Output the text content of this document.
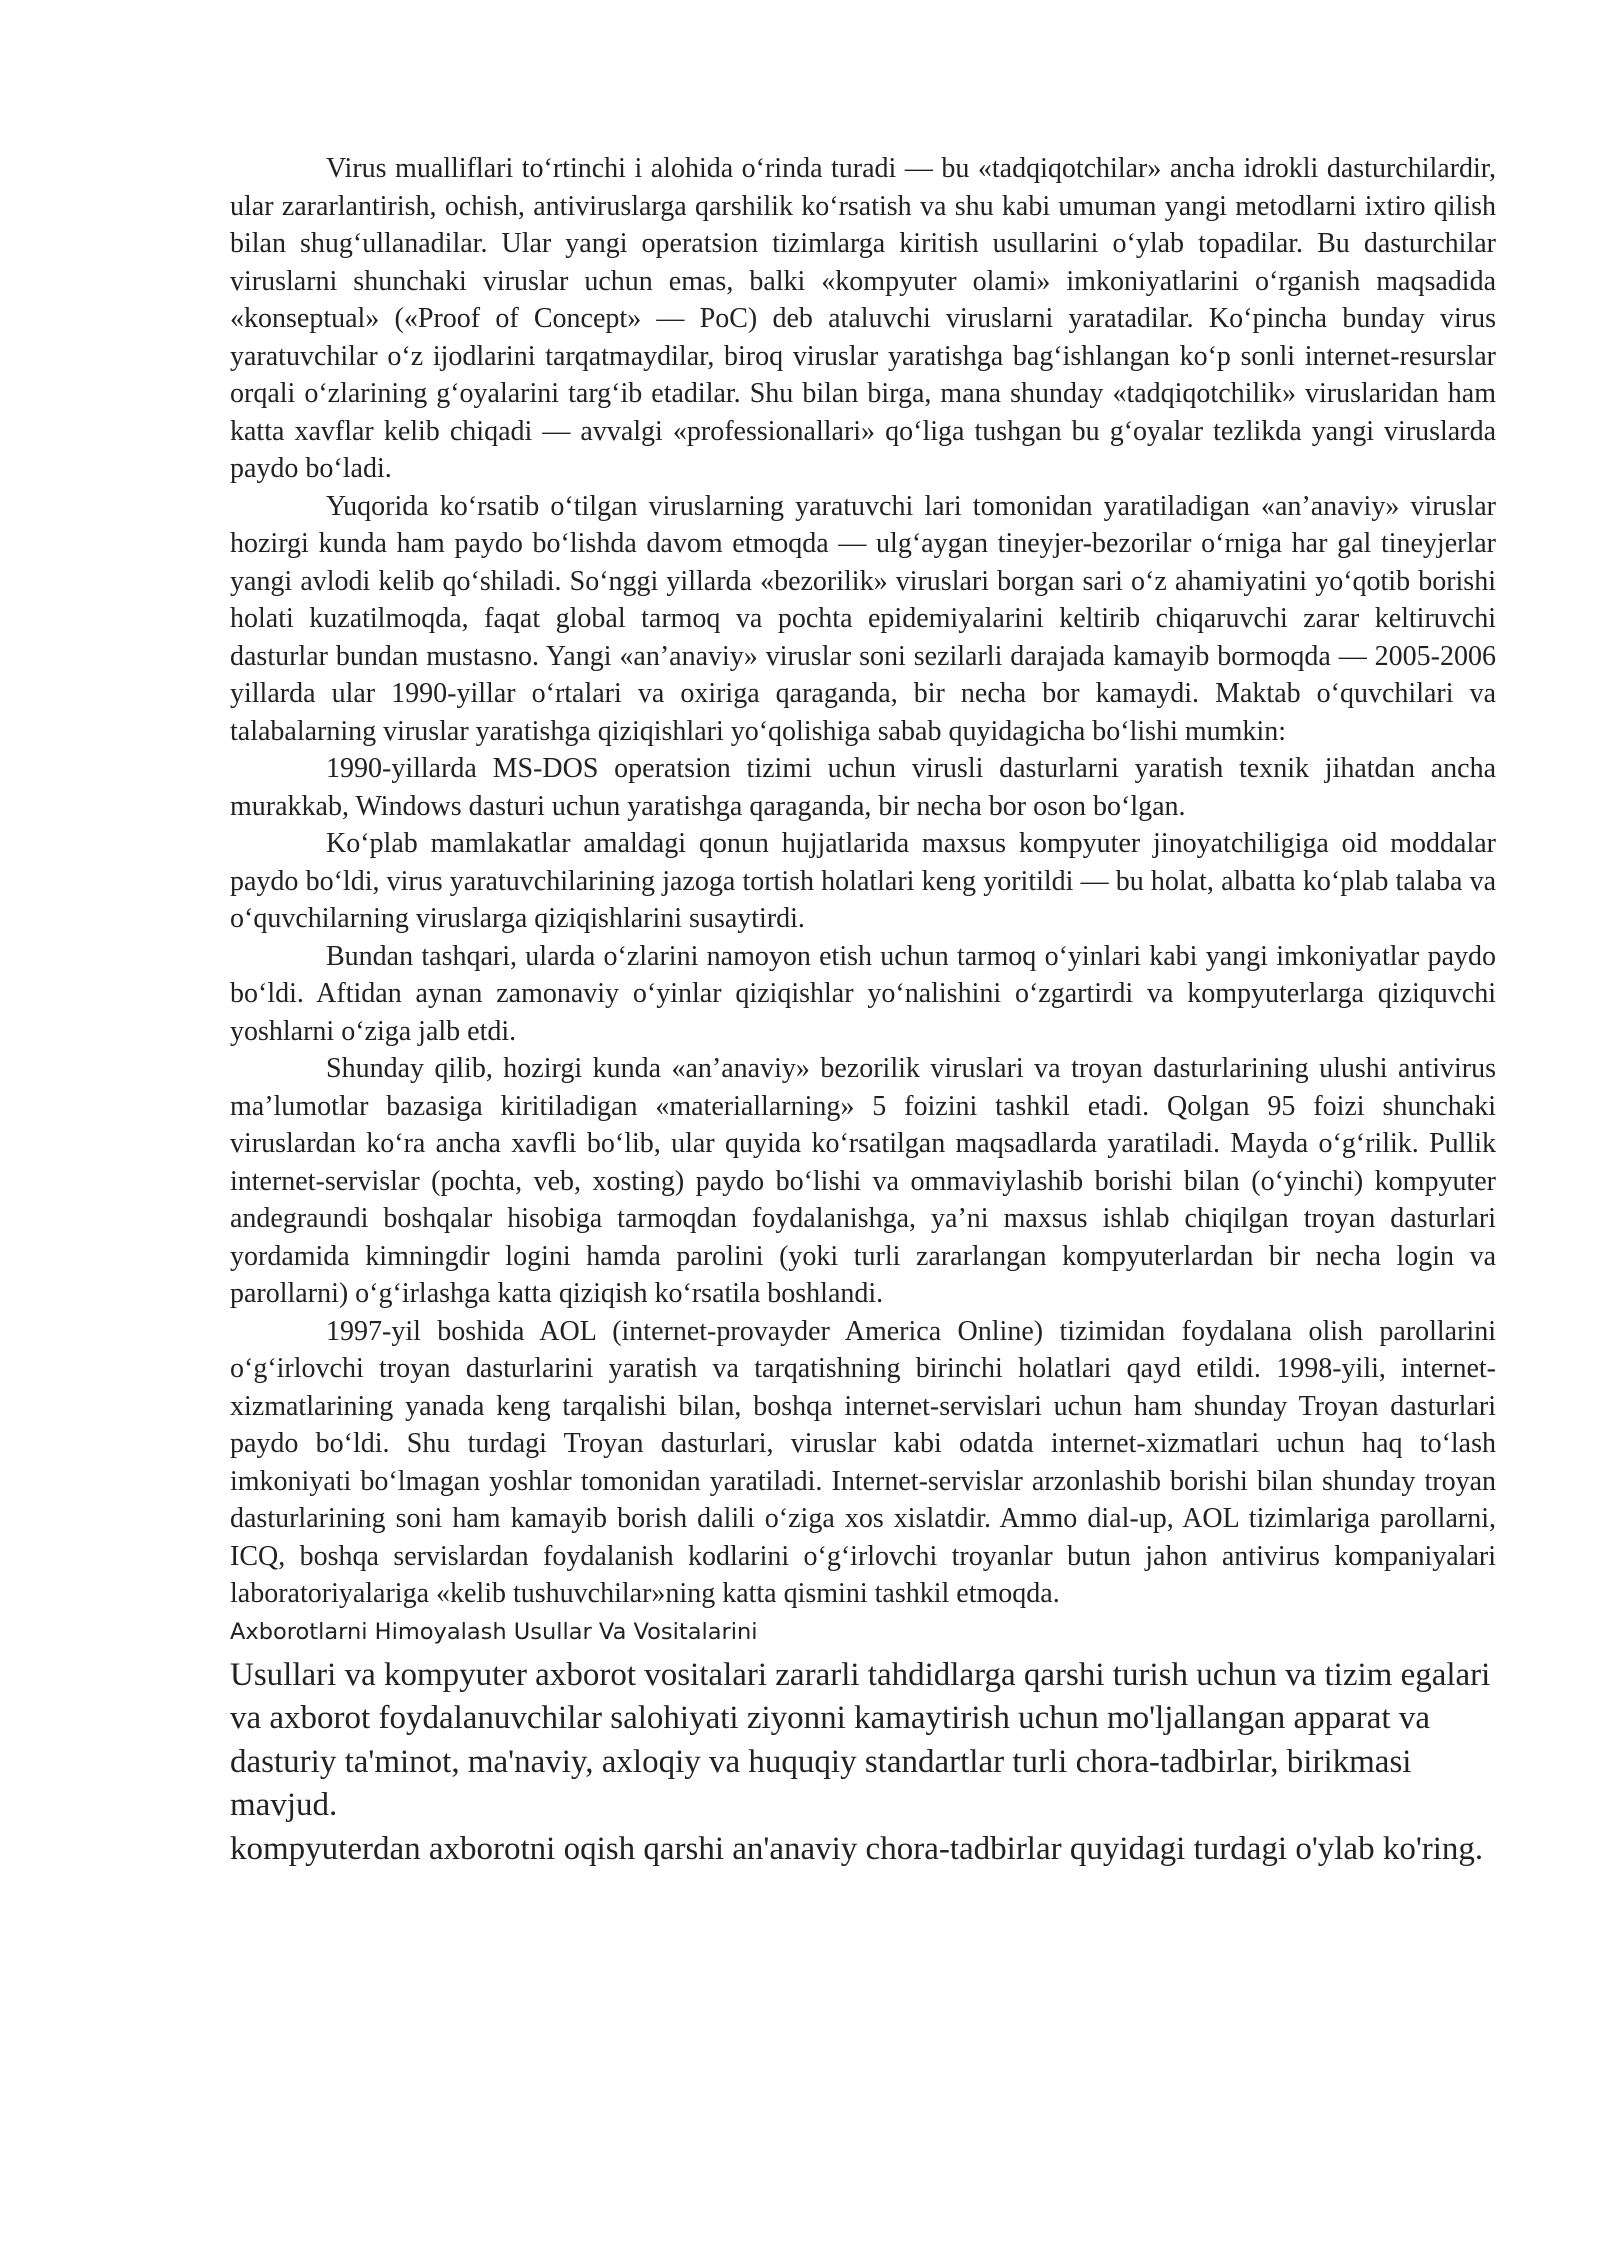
Virus mualliflari to‘rtinchi i alohida o‘rinda turadi — bu «tadqiqotchilar» ancha idrokli dasturchilardir, ular zararlantirish, ochish, antiviruslarga qarshilik ko‘rsatish va shu kabi umuman yangi metodlarni ixtiro qilish bilan shug‘ullanadilar. Ular yangi operatsion tizimlarga kiritish usullarini o‘ylab topadilar. Bu dasturchilar viruslarni shunchaki viruslar uchun emas, balki «kompyuter olami» imkoniyatlarini o‘rganish maqsadida «konseptual» («Proof of Concept» — PoC) deb ataluvchi viruslarni yaratadilar. Ko‘pincha bunday virus yaratuvchilar o‘z ijodlarini tarqatmaydilar, biroq viruslar yaratishga bag‘ishlangan ko‘p sonli internet-resurslar orqali o‘zlarining g‘oyalarini targ‘ib etadilar. Shu bilan birga, mana shunday «tadqiqotchilik» viruslaridan ham katta xavflar kelib chiqadi — avvalgi «professionallari» qo‘liga tushgan bu g‘oyalar tezlikda yangi viruslarda paydo bo‘ladi.

Yuqorida ko‘rsatib o‘tilgan viruslarning yaratuvchi lari tomonidan yaratiladigan «an’anaviy» viruslar hozirgi kunda ham paydo bo‘lishda davom etmoqda — ulg‘aygan tineyjer-bezorilar o‘rniga har gal tineyjerlar yangi avlodi kelib qo‘shiladi. So‘nggi yillarda «bezorilik» viruslari borgan sari o‘z ahamiyatini yo‘qotib borishi holati kuzatilmoqda, faqat global tarmoq va pochta epidemiyalarini keltirib chiqaruvchi zarar keltiruvchi dasturlar bundan mustasno. Yangi «an’anaviy» viruslar soni sezilarli darajada kamayib bormoqda — 2005-2006 yillarda ular 1990-yillar o‘rtalari va oxiriga qaraganda, bir necha bor kamaydi. Maktab o‘quvchilari va talabalarning viruslar yaratishga qiziqishlari yo‘qolishiga sabab quyidagicha bo‘lishi mumkin:

1990-yillarda MS-DOS operatsion tizimi uchun virusli dasturlarni yaratish texnik jihatdan ancha murakkab, Windows dasturi uchun yaratishga qaraganda, bir necha bor oson bo‘lgan.

Ko‘plab mamlakatlar amaldagi qonun hujjatlarida maxsus kompyuter jinoyatchiligiga oid moddalar paydo bo‘ldi, virus yaratuvchilarining jazoga tortish holatlari keng yoritildi — bu holat, albatta ko‘plab talaba va o‘quvchilarning viruslarga qiziqishlarini susaytirdi.

Bundan tashqari, ularda o‘zlarini namoyon etish uchun tarmoq o‘yinlari kabi yangi imkoniyatlar paydo bo‘ldi. Aftidan aynan zamonaviy o‘yinlar qiziqishlar yo‘nalishini o‘zgartirdi va kompyuterlarga qiziquvchi yoshlarni o‘ziga jalb etdi.

Shunday qilib, hozirgi kunda «an’anaviy» bezorilik viruslari va troyan dasturlarining ulushi antivirus ma’lumotlar bazasiga kiritiladigan «materiallarning» 5 foizini tashkil etadi. Qolgan 95 foizi shunchaki viruslardan ko‘ra ancha xavfli bo‘lib, ular quyida ko‘rsatilgan maqsadlarda yaratiladi. Mayda o‘g‘rilik. Pullik internet-servislar (pochta, veb, xosting) paydo bo‘lishi va ommaviylashib borishi bilan (o‘yinchi) kompyuter andegraundi boshqalar hisobiga tarmoqdan foydalanishga, ya’ni maxsus ishlab chiqilgan troyan dasturlari yordamida kimningdir logini hamda parolini (yoki turli zararlangan kompyuterlardan bir necha login va parollarni) o‘g‘irlashga katta qiziqish ko‘rsatila boshlandi.

1997-yil boshida AOL (internet-provayder America Online) tizimidan foydalana olish parollarini o‘g‘irlovchi troyan dasturlarini yaratish va tarqatishning birinchi holatlari qayd etildi. 1998-yili, internet-xizmatlarining yanada keng tarqalishi bilan, boshqa internet-servislari uchun ham shunday Troyan dasturlari paydo bo‘ldi. Shu turdagi Troyan dasturlari, viruslar kabi odatda internet-xizmatlari uchun haq to‘lash imkoniyati bo‘lmagan yoshlar tomonidan yaratiladi. Internet-servislar arzonlashib borishi bilan shunday troyan dasturlarining soni ham kamayib borish dalili o‘ziga xos xislatdir. Ammo dial-up, AOL tizimlariga parollarni, ICQ, boshqa servislardan foydalanish kodlarini o‘g‘irlovchi troyanlar butun jahon antivirus kompaniyalari laboratoriyalariga «kelib tushuvchilar»ning katta qismini tashkil etmoqda.

Axborotlarni Himoyalash Usullar Va Vositalarini

Usullari va kompyuter axborot vositalari zararli tahdidlarga qarshi turish uchun va tizim egalari va axborot foydalanuvchilar salohiyati ziyonni kamaytirish uchun mo'ljallangan apparat va dasturiy ta'minot, ma'naviy, axloqiy va huquqiy standartlar turli chora-tadbirlar, birikmasi mavjud.

kompyuterdan axborotni oqish qarshi an'anaviy chora-tadbirlar quyidagi turdagi o'ylab ko'ring.
